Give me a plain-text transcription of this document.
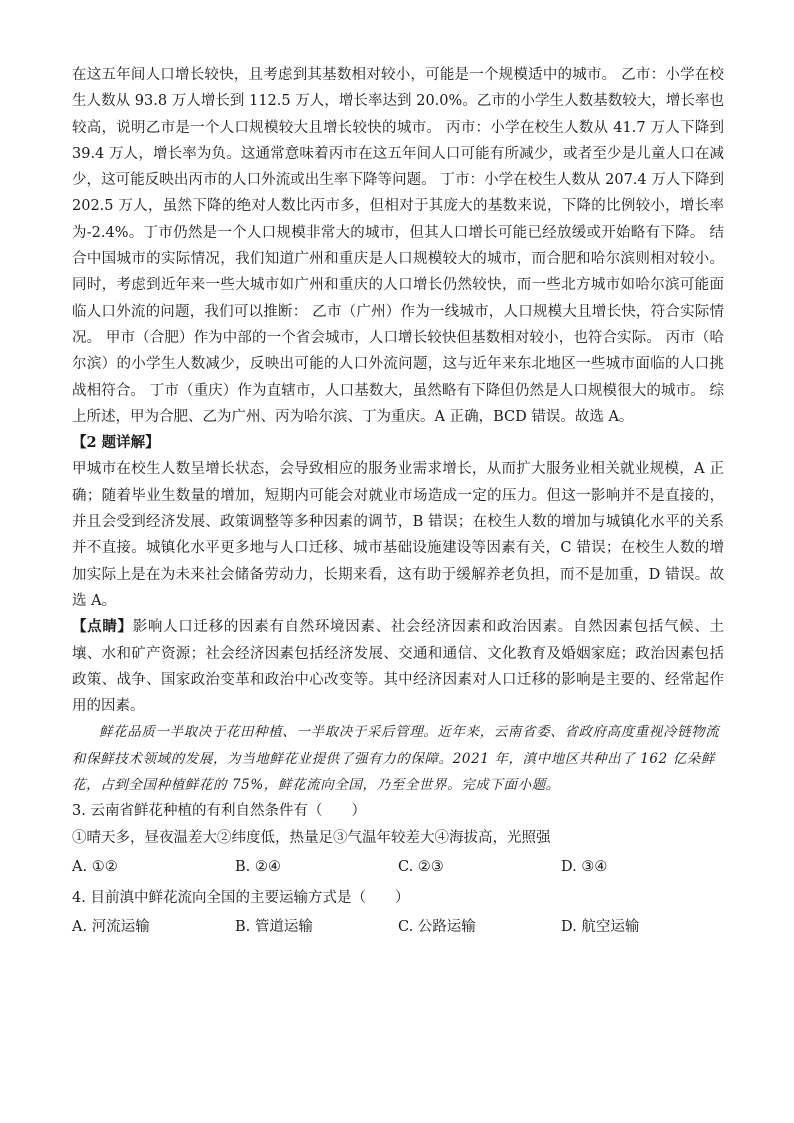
在这五年间人口增长较快，且考虑到其基数相对较小，可能是一个规模适中的城市。 乙市：小学在校生人数从 93.8 万人增长到 112.5 万人，增长率达到 20.0%。乙市的小学生人数基数较大，增长率也较高，说明乙市是一个人口规模较大且增长较快的城市。 丙市：小学在校生人数从 41.7 万人下降到 39.4 万人，增长率为负。这通常意味着丙市在这五年间人口可能有所减少，或者至少是儿童人口在减少，这可能反映出丙市的人口外流或出生率下降等问题。 丁市：小学在校生人数从 207.4 万人下降到 202.5 万人，虽然下降的绝对人数比丙市多，但相对于其庞大的基数来说，下降的比例较小，增长率为-2.4%。丁市仍然是一个人口规模非常大的城市，但其人口增长可能已经放缓或开始略有下降。 结合中国城市的实际情况，我们知道广州和重庆是人口规模较大的城市，而合肥和哈尔滨则相对较小。同时，考虑到近年来一些大城市如广州和重庆的人口增长仍然较快，而一些北方城市如哈尔滨可能面临人口外流的问题，我们可以推断： 乙市（广州）作为一线城市，人口规模大且增长快，符合实际情况。 甲市（合肥）作为中部的一个省会城市，人口增长较快但基数相对较小，也符合实际。 丙市（哈尔滨）的小学生人数减少，反映出可能的人口外流问题，这与近年来东北地区一些城市面临的人口挑战相符合。 丁市（重庆）作为直辖市，人口基数大，虽然略有下降但仍然是人口规模很大的城市。 综上所述，甲为合肥、乙为广州、丙为哈尔滨、丁为重庆。A 正确，BCD 错误。故选 A。

【2 题详解】

甲城市在校生人数呈增长状态，会导致相应的服务业需求增长，从而扩大服务业相关就业规模，A 正确；随着毕业生数量的增加，短期内可能会对就业市场造成一定的压力。但这一影响并不是直接的，并且会受到经济发展、政策调整等多种因素的调节，B 错误；在校生人数的增加与城镇化水平的关系并不直接。城镇化水平更多地与人口迁移、城市基础设施建设等因素有关，C 错误；在校生人数的增加实际上是在为未来社会储备劳动力，长期来看，这有助于缓解养老负担，而不是加重，D 错误。故选 A。

【点睛】影响人口迁移的因素有自然环境因素、社会经济因素和政治因素。自然因素包括气候、土壤、水和矿产资源；社会经济因素包括经济发展、交通和通信、文化教育及婚姻家庭；政治因素包括政策、战争、国家政治变革和政治中心改变等。其中经济因素对人口迁移的影响是主要的、经常起作用的因素。

鲜花品质一半取决于花田种植、一半取决于采后管理。近年来，云南省委、省政府高度重视冷链物流和保鲜技术领域的发展，为当地鲜花业提供了强有力的保障。2021 年，滇中地区共种出了 162 亿朵鲜花，占到全国种植鲜花的 75%，鲜花流向全国，乃至全世界。完成下面小题。

3. 云南省鲜花种植的有利自然条件有（　　）

①晴天多，昼夜温差大②纬度低，热量足③气温年较差大④海拔高，光照强

A. ①②	B. ②④	C. ②③	D. ③④

4. 目前滇中鲜花流向全国的主要运输方式是（　　）

A. 河流运输	B. 管道运输	C. 公路运输	D. 航空运输
